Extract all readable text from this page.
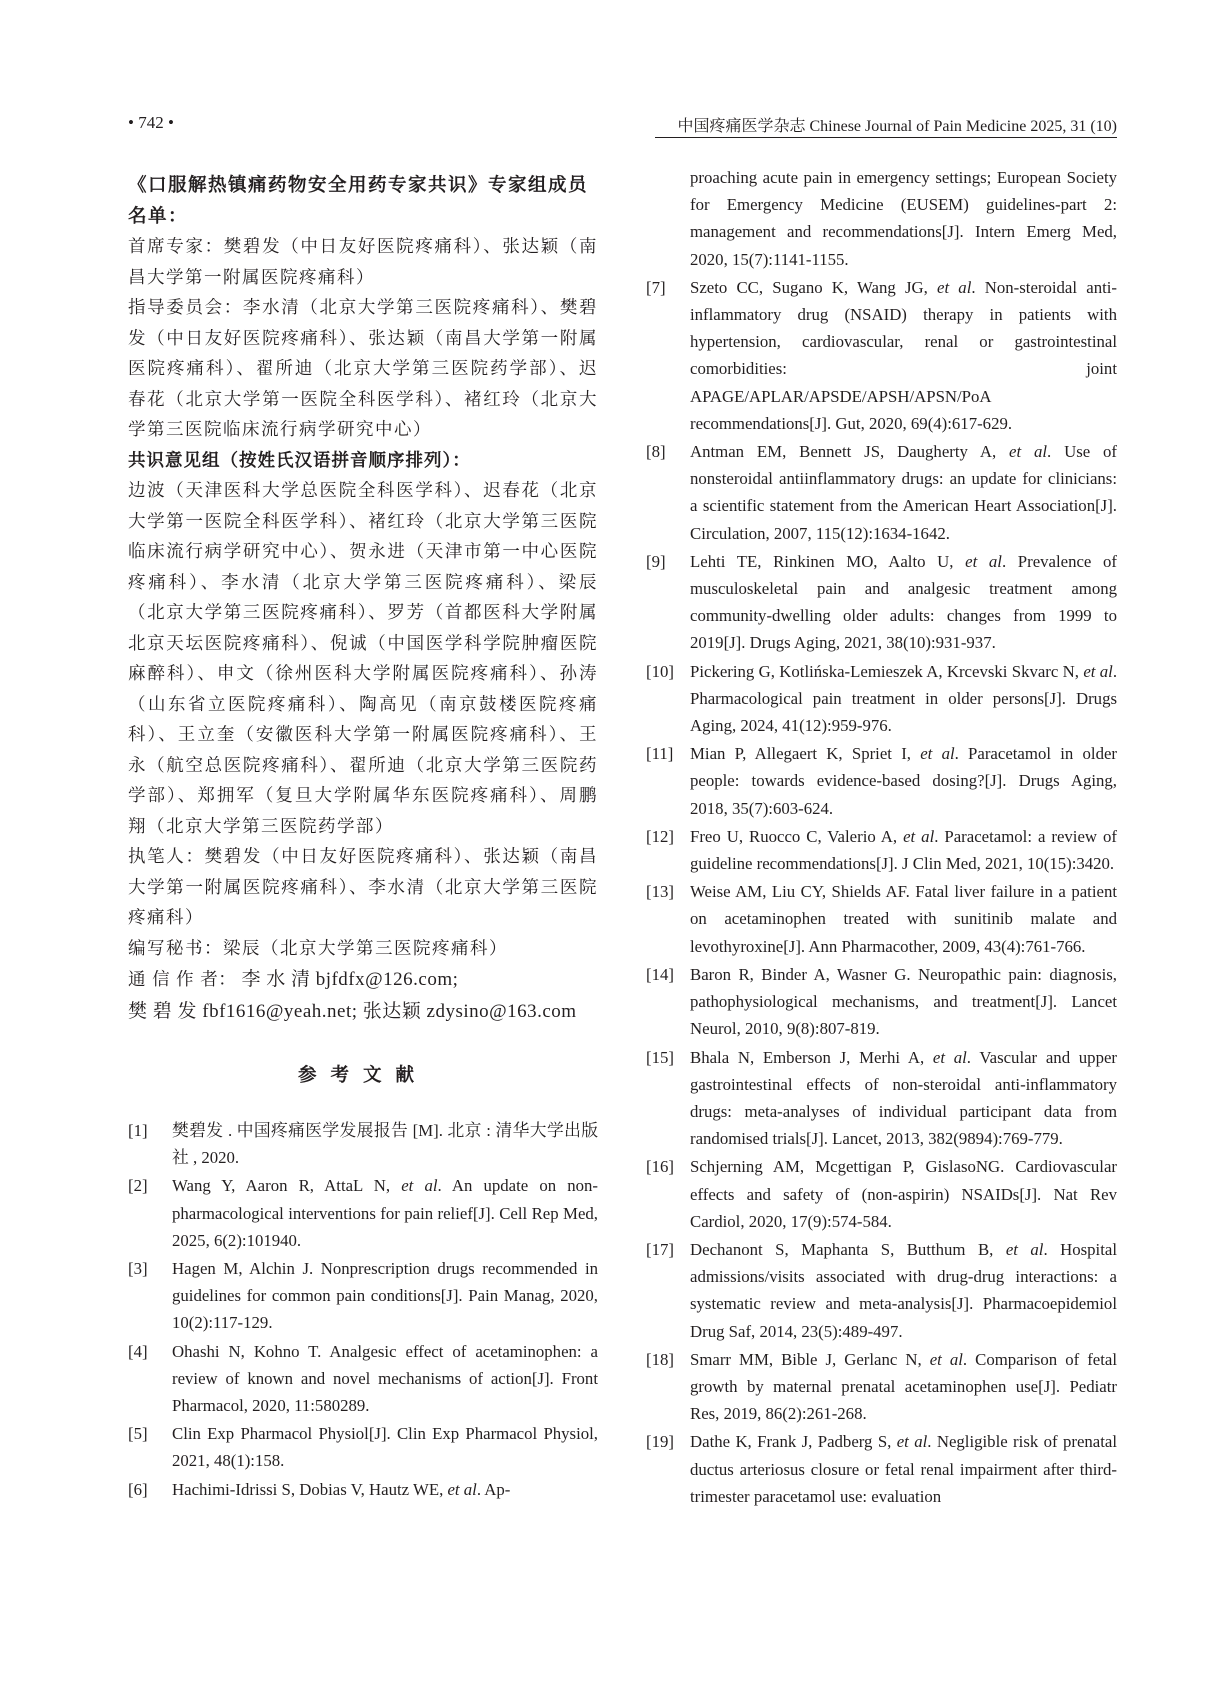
• 742 •	中国疼痛医学杂志 Chinese Journal of Pain Medicine 2025, 31 (10)
《口服解热镇痛药物安全用药专家共识》专家组成员名单：
首席专家：樊碧发（中日友好医院疼痛科）、张达颖（南昌大学第一附属医院疼痛科）
指导委员会：李水清（北京大学第三医院疼痛科）、樊碧发（中日友好医院疼痛科）、张达颖（南昌大学第一附属医院疼痛科）、翟所迪（北京大学第三医院药学部）、迟春花（北京大学第一医院全科医学科）、褚红玲（北京大学第三医院临床流行病学研究中心）
共识意见组（按姓氏汉语拼音顺序排列）：
边波（天津医科大学总医院全科医学科）、迟春花（北京大学第一医院全科医学科）、褚红玲（北京大学第三医院临床流行病学研究中心）、贺永进（天津市第一中心医院疼痛科）、李水清（北京大学第三医院疼痛科）、梁辰（北京大学第三医院疼痛科）、罗芳（首都医科大学附属北京天坛医院疼痛科）、倪诚（中国医学科学院肿瘤医院麻醉科）、申文（徐州医科大学附属医院疼痛科）、孙涛（山东省立医院疼痛科）、陶高见（南京鼓楼医院疼痛科）、王立奎（安徽医科大学第一附属医院疼痛科）、王永（航空总医院疼痛科）、翟所迪（北京大学第三医院药学部）、郑拥军（复旦大学附属华东医院疼痛科）、周鹏翔（北京大学第三医院药学部）
执笔人：樊碧发（中日友好医院疼痛科）、张达颖（南昌大学第一附属医院疼痛科）、李水清（北京大学第三医院疼痛科）
编写秘书：梁辰（北京大学第三医院疼痛科）
通 信 作 者： 李 水 清 bjfdfx@126.com; 樊 碧 发 fbf1616@yeah.net; 张达颖 zdysino@163.com
参考文献
[1] 樊碧发 . 中国疼痛医学发展报告 [M]. 北京 : 清华大学出版社 , 2020.
[2] Wang Y, Aaron R, AttaL N, et al. An update on non-pharmacological interventions for pain relief[J]. Cell Rep Med, 2025, 6(2):101940.
[3] Hagen M, Alchin J. Nonprescription drugs recommended in guidelines for common pain conditions[J]. Pain Manag, 2020, 10(2):117-129.
[4] Ohashi N, Kohno T. Analgesic effect of acetaminophen: a review of known and novel mechanisms of action[J]. Front Pharmacol, 2020, 11:580289.
[5] Clin Exp Pharmacol Physiol[J]. Clin Exp Pharmacol Physiol, 2021, 48(1):158.
[6] Hachimi-Idrissi S, Dobias V, Hautz WE, et al. Ap-
proaching acute pain in emergency settings; European Society for Emergency Medicine (EUSEM) guidelines-part 2: management and recommendations[J]. Intern Emerg Med, 2020, 15(7):1141-1155.
[7] Szeto CC, Sugano K, Wang JG, et al. Non-steroidal anti-inflammatory drug (NSAID) therapy in patients with hypertension, cardiovascular, renal or gastrointestinal comorbidities: joint APAGE/APLAR/APSDE/APSH/APSN/PoA recommendations[J]. Gut, 2020, 69(4):617-629.
[8] Antman EM, Bennett JS, Daugherty A, et al. Use of nonsteroidal antiinflammatory drugs: an update for clinicians: a scientific statement from the American Heart Association[J]. Circulation, 2007, 115(12):1634-1642.
[9] Lehti TE, Rinkinen MO, Aalto U, et al. Prevalence of musculoskeletal pain and analgesic treatment among community-dwelling older adults: changes from 1999 to 2019[J]. Drugs Aging, 2021, 38(10):931-937.
[10] Pickering G, Kotlińska-Lemieszek A, Krcevski Skvarc N, et al. Pharmacological pain treatment in older persons[J]. Drugs Aging, 2024, 41(12):959-976.
[11] Mian P, Allegaert K, Spriet I, et al. Paracetamol in older people: towards evidence-based dosing?[J]. Drugs Aging, 2018, 35(7):603-624.
[12] Freo U, Ruocco C, Valerio A, et al. Paracetamol: a review of guideline recommendations[J]. J Clin Med, 2021, 10(15):3420.
[13] Weise AM, Liu CY, Shields AF. Fatal liver failure in a patient on acetaminophen treated with sunitinib malate and levothyroxine[J]. Ann Pharmacother, 2009, 43(4):761-766.
[14] Baron R, Binder A, Wasner G. Neuropathic pain: diagnosis, pathophysiological mechanisms, and treatment[J]. Lancet Neurol, 2010, 9(8):807-819.
[15] Bhala N, Emberson J, Merhi A, et al. Vascular and upper gastrointestinal effects of non-steroidal anti-inflammatory drugs: meta-analyses of individual participant data from randomised trials[J]. Lancet, 2013, 382(9894):769-779.
[16] Schjerning AM, Mcgettigan P, GislasoNG. Cardiovascular effects and safety of (non-aspirin) NSAIDs[J]. Nat Rev Cardiol, 2020, 17(9):574-584.
[17] Dechanont S, Maphanta S, Butthum B, et al. Hospital admissions/visits associated with drug-drug interactions: a systematic review and meta-analysis[J]. Pharmacoepidemiol Drug Saf, 2014, 23(5):489-497.
[18] Smarr MM, Bible J, Gerlanc N, et al. Comparison of fetal growth by maternal prenatal acetaminophen use[J]. Pediatr Res, 2019, 86(2):261-268.
[19] Dathe K, Frank J, Padberg S, et al. Negligible risk of prenatal ductus arteriosus closure or fetal renal impairment after third-trimester paracetamol use: evaluation
